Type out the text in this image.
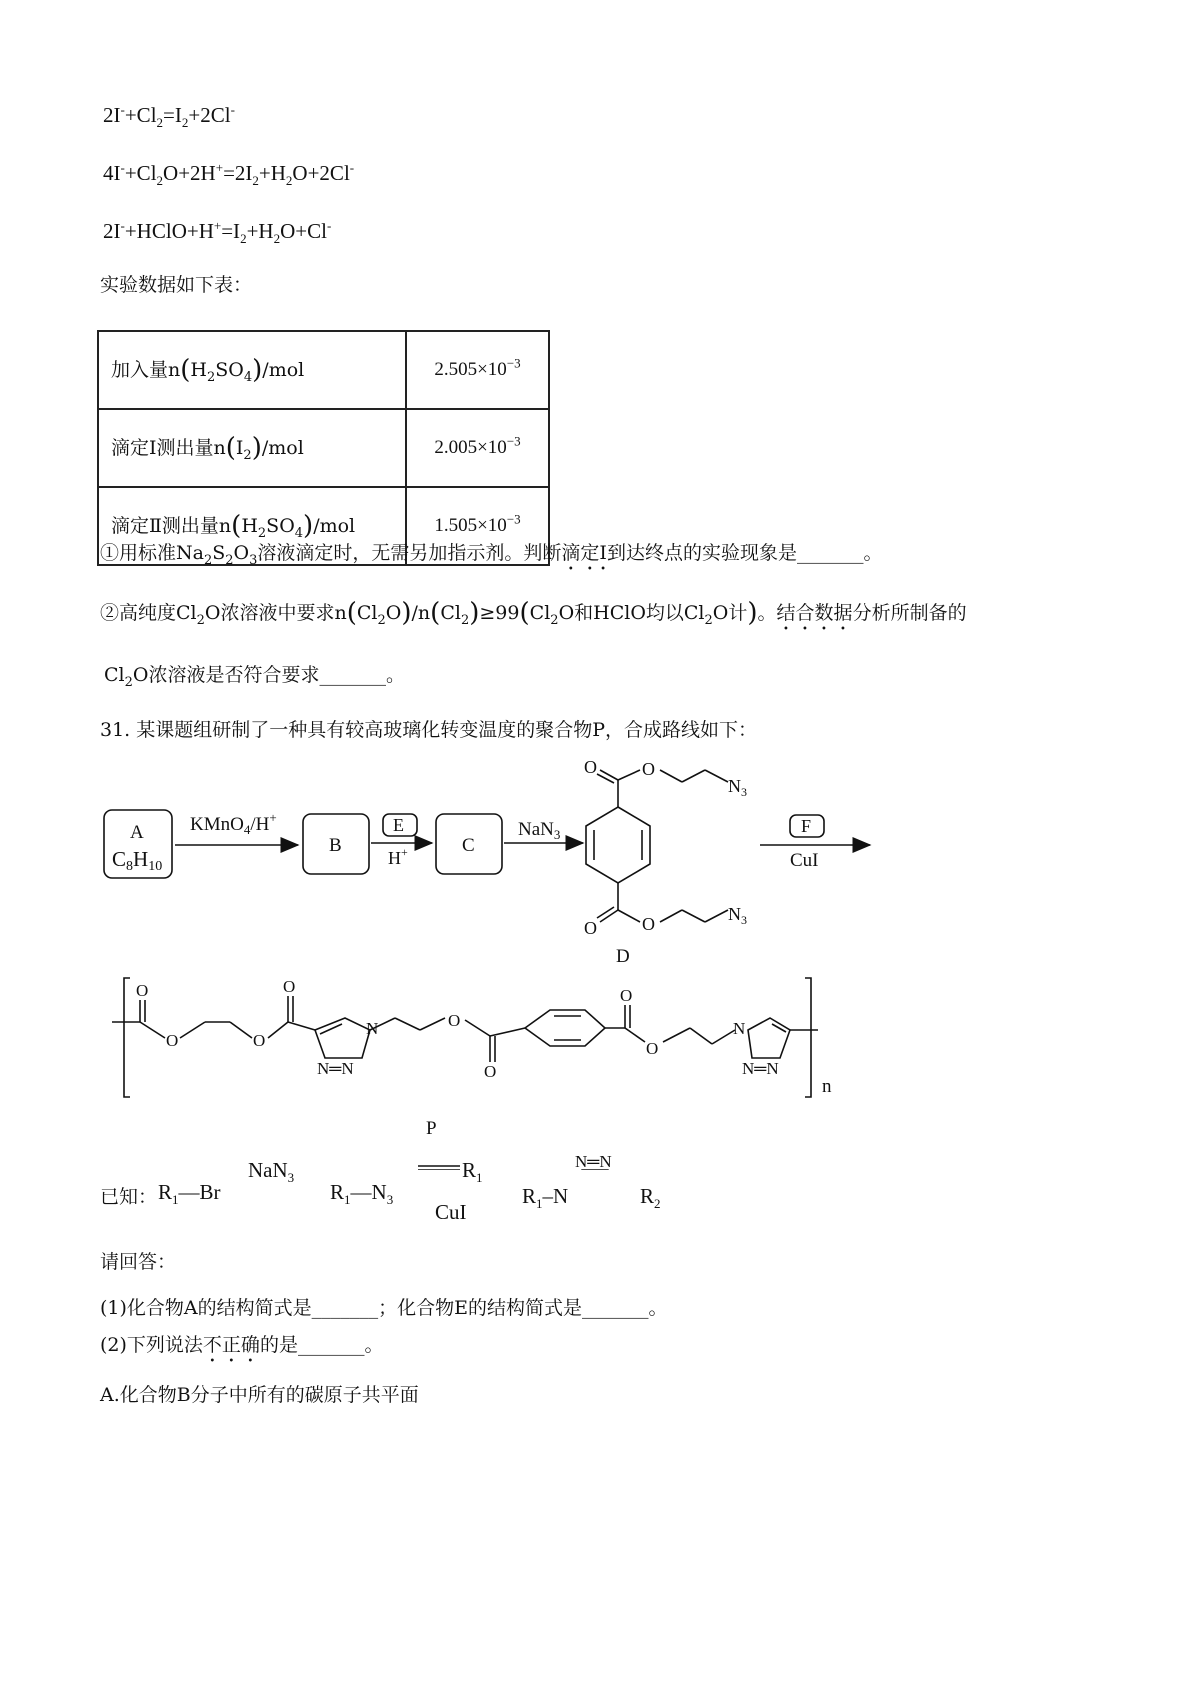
$2I^-+Cl_2=I_2+2Cl^-$
$4I^-+Cl_2O+2H^+=2I_2+H_2O+2Cl^-$
$2I^-+HClO+H^+=I_2+H_2O+Cl^-$
实验数据如下表：
加入量$n(H_2SO_4)$/mol	$2.505\times 10^{-3}$
滴定Ⅰ测出量$n(I_2)$/mol	$2.005\times 10^{-3}$
滴定Ⅱ测出量$n(H_2SO_4)$/mol	$1.505\times 10^{-3}$
①用标准$Na_2S_2O_3$溶液滴定时，无需另加指示剂。判断滴定Ⅰ到达终点的实验现象是_______。
②高纯度$Cl_2O$浓溶液中要求$n(Cl_2O)/n(Cl_2)\ge 99(Cl_2O$和HClO均以$Cl_2O$计)。结合数据分析所制备的
$Cl_2O$浓溶液是否符合要求_______。
31. 某课题组研制了一种具有较高玻璃化转变温度的聚合物P，合成路线如下：
A
C8H10
KMnO$_4$/H+
B
E
H+	C
NaN$_3$
O	O
$N_3$
O	O	$N_3$
D
F
CuI
O
O	O
O
N
N═N
O
O
O
O
N
N═N
n
P
已知： $R_1—Br$
NaN$_3$
$R_1—N_3$
$R_1$
CuI
$R_1-N$
N═N
$R_2$
请回答：
(1)化合物A的结构简式是_______；化合物E的结构简式是_______。
(2)下列说法不正确的是_______。
A.化合物B分子中所有的碳原子共平面
